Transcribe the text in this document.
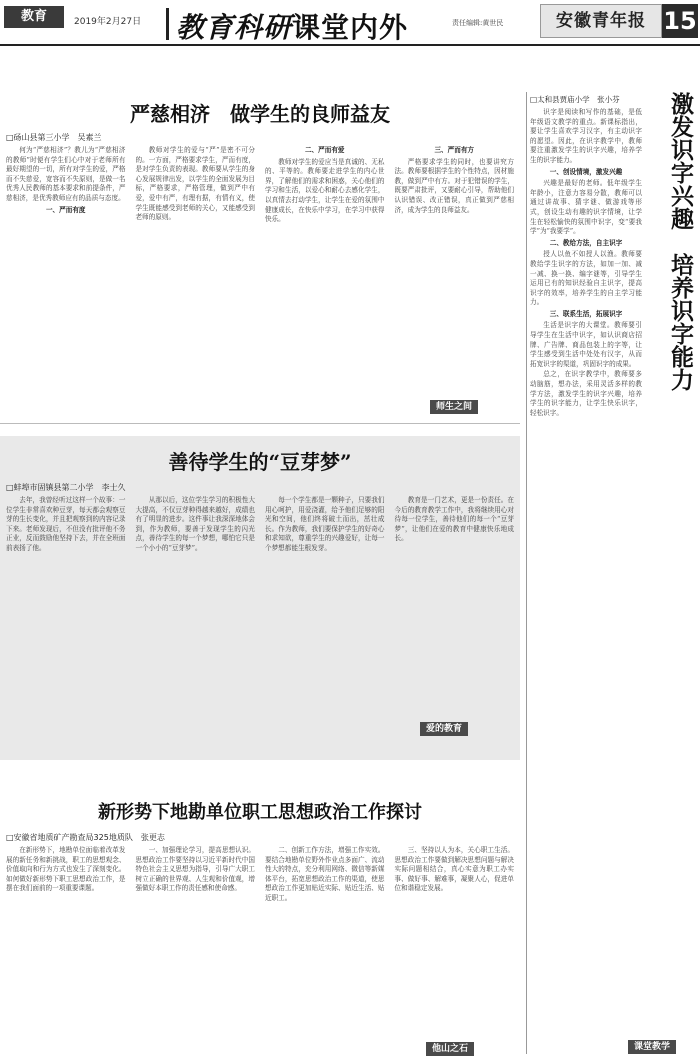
教育	2019年2月27日 教育科研课堂内外	责任编辑:黄世民	安徽青年报 15
严慈相济　做学生的良师益友
□砀山县第三小学　吴素兰

何为“严慈相济”？教儿为“严慈相济的教师”时便有学生们心中对于老师所有最好期望的一切，所有对学生的爱，严格而不失慈爱，宽容而不失原则，是做一名优秀人民教师的基本要求和前提条件，严慈相济，是优秀教师应有的品质与态度。

一、严而有度

教师对学生的爱与“严”是密不可分的。一方面，严格要求学生，严而有度，是对学生负责的表现。教师要从学生的身心发展规律出发，以学生的全面发展为目标，严格要求，严格管理，做到严中有爱，爱中有严，有理有据，有情有义，使学生既能感受到老师的关心，又能感受到老师的原则。

二、严而有爱

教师对学生的爱应当是真诚的、无私的、平等的。教师要走进学生的内心世界，了解他们的需求和困惑，关心他们的学习和生活，以爱心和耐心去感化学生，以真情去打动学生，让学生在爱的氛围中健康成长，在快乐中学习，在学习中获得快乐。

三、严而有方

严格要求学生的同时，也要讲究方法。教师要根据学生的个性特点，因材施教，做到严中有方。对于犯错误的学生，既要严肃批评，又要耐心引导，帮助他们认识错误、改正错误，真正做到严慈相济，成为学生的良师益友。

师生之间
善待学生的“豆芽梦”
□蚌埠市固镇县第二小学　李士久

去年，我曾经听过这样一个故事：一位学生非常喜欢种豆芽，每天都会观察豆芽的生长变化，并且把观察到的内容记录下来。老师发现后，不但没有批评他不务正业，反而鼓励他坚持下去，并在全班面前表扬了他。

从那以后，这位学生学习的积极性大大提高，不仅豆芽种得越来越好，成绩也有了明显的进步。这件事让我深深地体会到，作为教师，要善于发现学生的闪光点，善待学生的每一个梦想，哪怕它只是一个小小的“豆芽梦”。

每一个学生都是一颗种子，只要我们用心呵护，用爱浇灌，给予他们足够的阳光和空间，他们终将破土而出，茁壮成长。作为教师，我们要保护学生的好奇心和求知欲，尊重学生的兴趣爱好，让每一个梦想都能生根发芽。

教育是一门艺术，更是一份责任。在今后的教育教学工作中，我将继续用心对待每一位学生，善待他们的每一个“豆芽梦”，让他们在爱的教育中健康快乐地成长。

爱的教育
新形势下地勘单位职工思想政治工作探讨
□安徽省地质矿产勘查局325地质队　张更志

在新形势下，地勘单位面临着改革发展的新任务和新挑战，职工的思想观念、价值取向和行为方式也发生了深刻变化。如何做好新形势下职工思想政治工作，是摆在我们面前的一项重要课题。

一、加强理论学习，提高思想认识。思想政治工作要坚持以习近平新时代中国特色社会主义思想为指导，引导广大职工树立正确的世界观、人生观和价值观，增强做好本职工作的责任感和使命感。

二、创新工作方法，增强工作实效。要结合地勘单位野外作业点多面广、流动性大的特点，充分利用网络、微信等新媒体平台，拓宽思想政治工作的渠道，使思想政治工作更加贴近实际、贴近生活、贴近职工。

三、坚持以人为本，关心职工生活。思想政治工作要做到解决思想问题与解决实际问题相结合，真心实意为职工办实事、做好事、解难事，凝聚人心，促进单位和谐稳定发展。

他山之石
□太和县贾庙小学　张小芬

识字是阅读和写作的基础，是低年级语文教学的重点。新课标指出，要让学生喜欢学习汉字，有主动识字的愿望。因此，在识字教学中，教师要注重激发学生的识字兴趣，培养学生的识字能力。

一、创设情境，激发兴趣

兴趣是最好的老师。低年级学生年龄小，注意力容易分散，教师可以通过讲故事、猜字谜、做游戏等形式，创设生动有趣的识字情境，让学生在轻松愉快的氛围中识字，变“要我学”为“我要学”。

二、教给方法，自主识字

授人以鱼不如授人以渔。教师要教给学生识字的方法，如加一加、减一减、换一换、编字谜等，引导学生运用已有的知识经验自主识字，提高识字的效率，培养学生的自主学习能力。

三、联系生活，拓展识字

生活是识字的大课堂。教师要引导学生在生活中识字，如认识商店招牌、广告牌、商品包装上的字等，让学生感受到生活中处处有汉字，从而拓宽识字的渠道，巩固识字的成果。

总之，在识字教学中，教师要多动脑筋，想办法，采用灵活多样的教学方法，激发学生的识字兴趣，培养学生的识字能力，让学生快乐识字，轻松识字。

激发识字兴趣　培养识字能力
课堂教学
